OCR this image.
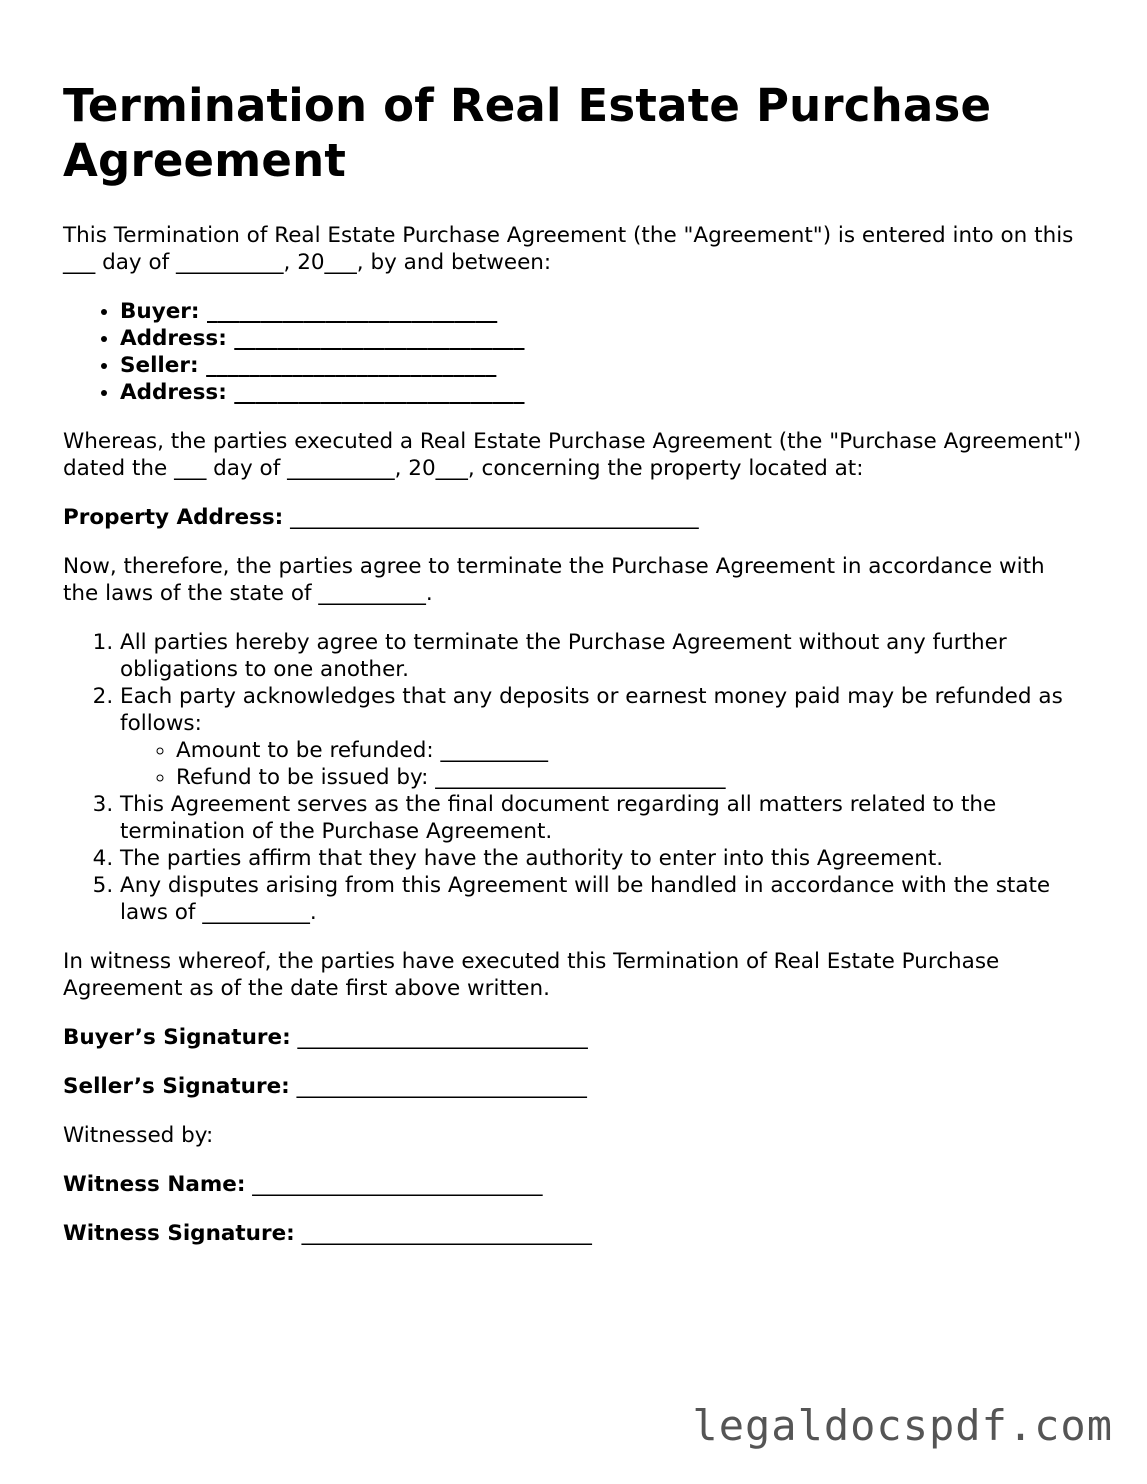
Termination of Real Estate Purchase Agreement

This Termination of Real Estate Purchase Agreement (the "Agreement") is entered into on this ___ day of __________, 20___, by and between:

• Buyer: ___________________________
• Address: ___________________________
• Seller: ___________________________
• Address: ___________________________

Whereas, the parties executed a Real Estate Purchase Agreement (the "Purchase Agreement") dated the ___ day of __________, 20___, concerning the property located at:

Property Address: ______________________________________

Now, therefore, the parties agree to terminate the Purchase Agreement in accordance with the laws of the state of __________.

1. All parties hereby agree to terminate the Purchase Agreement without any further obligations to one another.
2. Each party acknowledges that any deposits or earnest money paid may be refunded as follows:
◦ Amount to be refunded: __________
◦ Refund to be issued by: ___________________________
3. This Agreement serves as the final document regarding all matters related to the termination of the Purchase Agreement.
4. The parties affirm that they have the authority to enter into this Agreement.
5. Any disputes arising from this Agreement will be handled in accordance with the state laws of __________.

In witness whereof, the parties have executed this Termination of Real Estate Purchase Agreement as of the date first above written.

Buyer’s Signature: ___________________________
Seller’s Signature: ___________________________
Witnessed by:
Witness Name: ___________________________
Witness Signature: ___________________________
legaldocspdf.com
